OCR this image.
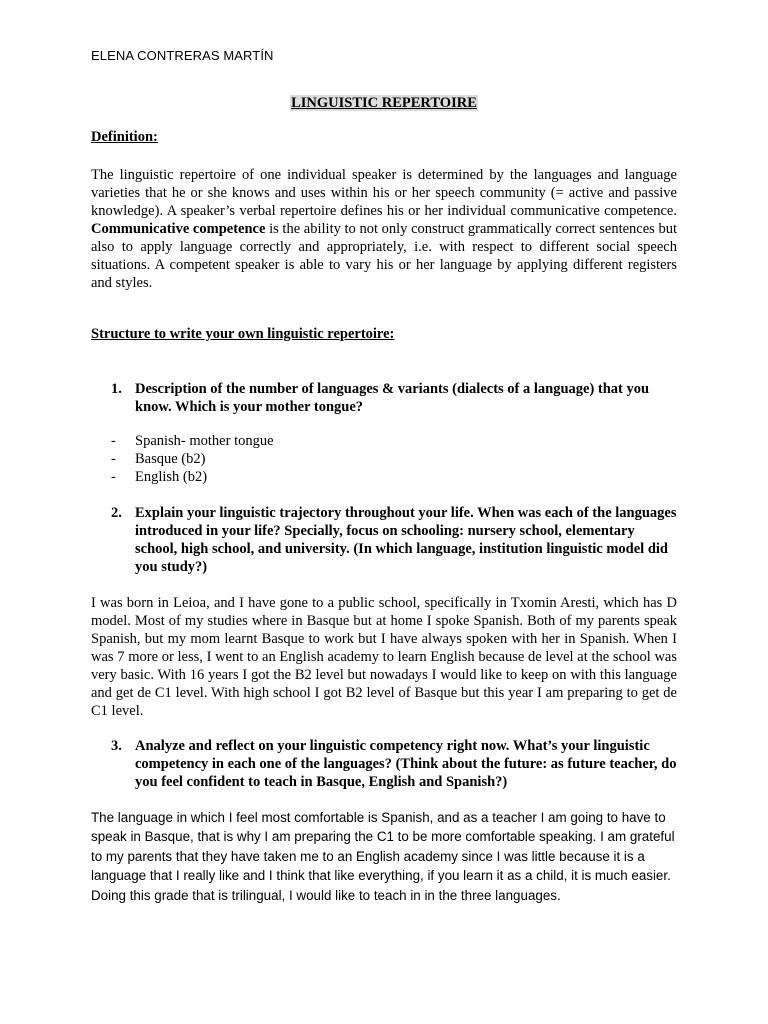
ELENA CONTRERAS MARTÍN
LINGUISTIC REPERTOIRE
Definition:

The linguistic repertoire of one individual speaker is determined by the languages and language varieties that he or she knows and uses within his or her speech community (= active and passive knowledge). A speaker’s verbal repertoire defines his or her individual communicative competence. Communicative competence is the ability to not only construct grammatically correct sentences but also to apply language correctly and appropriately, i.e. with respect to different social speech situations. A competent speaker is able to vary his or her language by applying different registers and styles.

Structure to write your own linguistic repertoire:
1. Description of the number of languages & variants (dialects of a language) that you know. Which is your mother tongue?
-	Spanish- mother tongue
-	Basque (b2)
-	English (b2)
2. Explain your linguistic trajectory throughout your life. When was each of the languages introduced in your life? Specially, focus on schooling: nursery school, elementary school, high school, and university. (In which language, institution linguistic model did you study?)

I was born in Leioa, and I have gone to a public school, specifically in Txomin Aresti, which has D model. Most of my studies where in Basque but at home I spoke Spanish. Both of my parents speak Spanish, but my mom learnt Basque to work but I have always spoken with her in Spanish. When I was 7 more or less, I went to an English academy to learn English because de level at the school was very basic. With 16 years I got the B2 level but nowadays I would like to keep on with this language and get de C1 level. With high school I got B2 level of Basque but this year I am preparing to get de C1 level.

3. Analyze and reflect on your linguistic competency right now. What’s your linguistic competency in each one of the languages? (Think about the future: as future teacher, do you feel confident to teach in Basque, English and Spanish?)

The language in which I feel most comfortable is Spanish, and as a teacher I am going to have to speak in Basque, that is why I am preparing the C1 to be more comfortable speaking. I am grateful to my parents that they have taken me to an English academy since I was little because it is a language that I really like and I think that like everything, if you learn it as a child, it is much easier. Doing this grade that is trilingual, I would like to teach in in the three languages.
